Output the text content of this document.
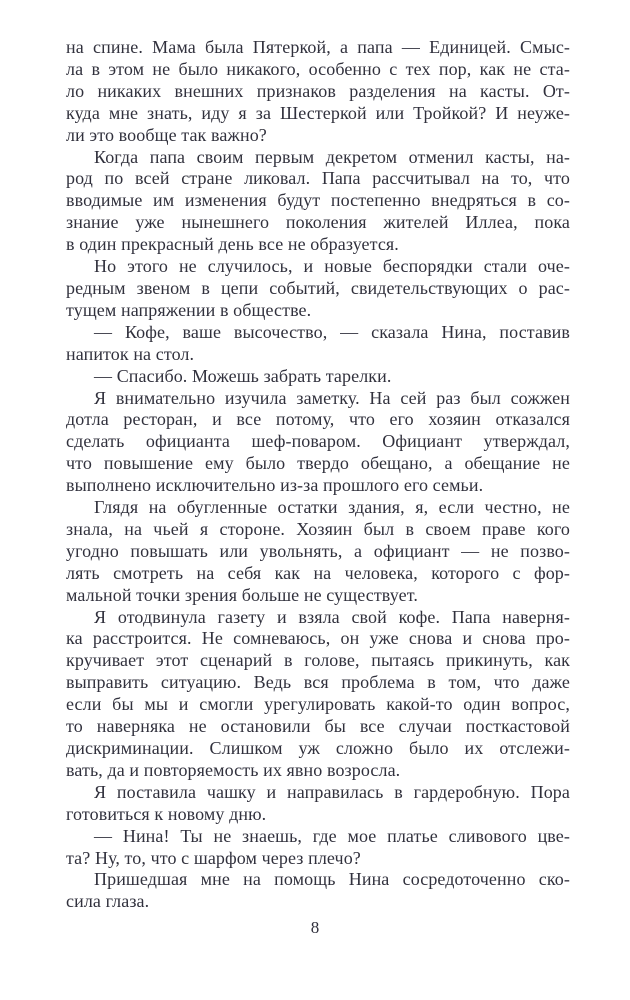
на спине. Мама была Пятеркой, а папа — Единицей. Смыс-
ла в этом не было никакого, особенно с тех пор, как не ста-
ло никаких внешних признаков разделения на касты. От-
куда мне знать, иду я за Шестеркой или Тройкой? И неуже-
ли это вообще так важно?
Когда папа своим первым декретом отменил касты, на-
род по всей стране ликовал. Папа рассчитывал на то, что
вводимые им изменения будут постепенно внедряться в со-
знание уже нынешнего поколения жителей Иллеа, пока
в один прекрасный день все не образуется.
Но этого не случилось, и новые беспорядки стали оче-
редным звеном в цепи событий, свидетельствующих о рас-
тущем напряжении в обществе.
— Кофе, ваше высочество, — сказала Нина, поставив
напиток на стол.
— Спасибо. Можешь забрать тарелки.
Я внимательно изучила заметку. На сей раз был сожжен
дотла ресторан, и все потому, что его хозяин отказался
сделать официанта шеф-поваром. Официант утверждал,
что повышение ему было твердо обещано, а обещание не
выполнено исключительно из-за прошлого его семьи.
Глядя на обугленные остатки здания, я, если честно, не
знала, на чьей я стороне. Хозяин был в своем праве кого
угодно повышать или увольнять, а официант — не позво-
лять смотреть на себя как на человека, которого с фор-
мальной точки зрения больше не существует.
Я отодвинула газету и взяла свой кофе. Папа наверня-
ка расстроится. Не сомневаюсь, он уже снова и снова про-
кручивает этот сценарий в голове, пытаясь прикинуть, как
выправить ситуацию. Ведь вся проблема в том, что даже
если бы мы и смогли урегулировать какой-то один вопрос,
то наверняка не остановили бы все случаи посткастовой
дискриминации. Слишком уж сложно было их отслежи-
вать, да и повторяемость их явно возросла.
Я поставила чашку и направилась в гардеробную. Пора
готовиться к новому дню.
— Нина! Ты не знаешь, где мое платье сливового цве-
та? Ну, то, что с шарфом через плечо?
Пришедшая мне на помощь Нина сосредоточенно ско-
сила глаза.
8
